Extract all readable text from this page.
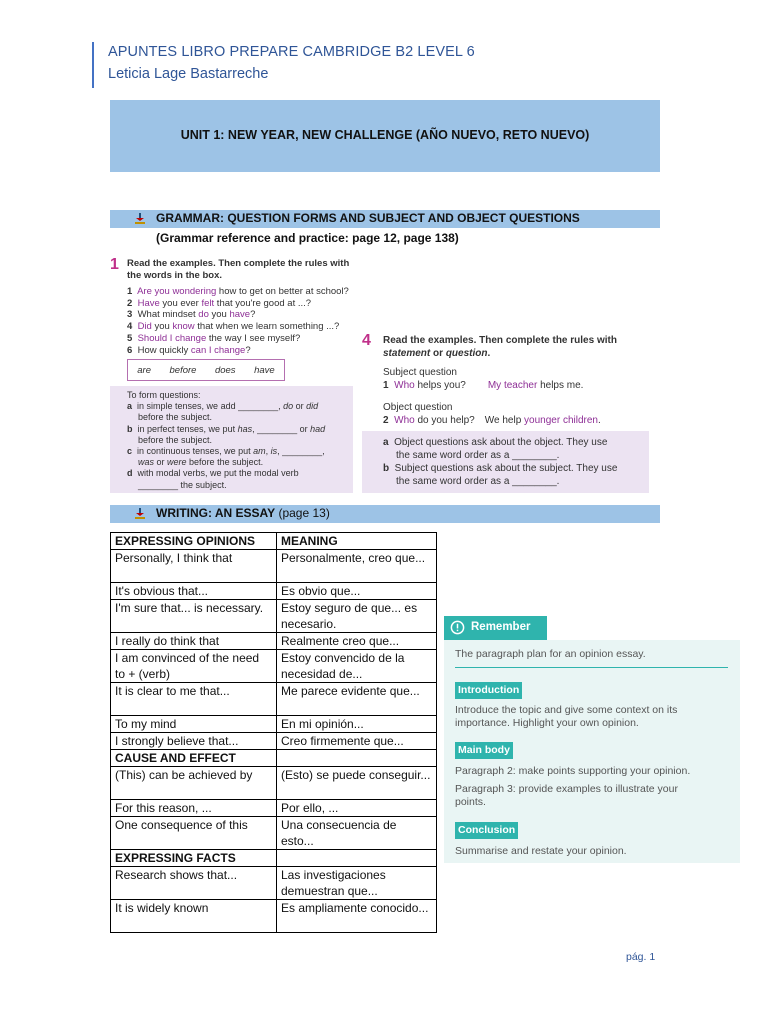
APUNTES LIBRO PREPARE CAMBRIDGE B2 LEVEL 6
Leticia Lage Bastarreche
UNIT 1: NEW YEAR, NEW CHALLENGE (AÑO NUEVO, RETO NUEVO)
GRAMMAR: QUESTION FORMS AND SUBJECT AND OBJECT QUESTIONS
(Grammar reference and practice: page 12, page 138)
1 Read the examples. Then complete the rules with
the words in the box.
1 Are you wondering how to get on better at school?
2 Have you ever felt that you're good at ...?
3 What mindset do you have?
4 Did you know that when we learn something ...?
5 Should I change the way I see myself?
6 How quickly can I change?
are before does have
To form questions:
a in simple tenses, we add ________, do or did
before the subject.
b in perfect tenses, we put has, ________ or had
before the subject.
c in continuous tenses, we put am, is, ________,
was or were before the subject.
d with modal verbs, we put the modal verb
________ the subject.
4 Read the examples. Then complete the rules with
statement or question.
Subject question
1 Who helps you? My teacher helps me.
Object question
2 Who do you help? We help younger children.
a Object questions ask about the object. They use
the same word order as a ________.
b Subject questions ask about the subject. They use
the same word order as a ________.
WRITING: AN ESSAY (page 13)
EXPRESSING OPINIONS	MEANING
Personally, I think that	Personalmente, creo que...
It's obvious that...	Es obvio que...
I'm sure that... is necessary.	Estoy seguro de que... es necesario.
I really do think that	Realmente creo que...
I am convinced of the need to + (verb)	Estoy convencido de la necesidad de...
It is clear to me that...	Me parece evidente que...
To my mind	En mi opinión...
I strongly believe that...	Creo firmemente que...
CAUSE AND EFFECT	
(This) can be achieved by	(Esto) se puede conseguir...
For this reason, ...	Por ello, ...
One consequence of this	Una consecuencia de esto...
EXPRESSING FACTS	
Research shows that...	Las investigaciones demuestran que...
It is widely known	Es ampliamente conocido...
Remember
The paragraph plan for an opinion essay.
Introduction
Introduce the topic and give some context on its
importance. Highlight your own opinion.
Main body
Paragraph 2: make points supporting your opinion.
Paragraph 3: provide examples to illustrate your
points.
Conclusion
Summarise and restate your opinion.
pág. 1
